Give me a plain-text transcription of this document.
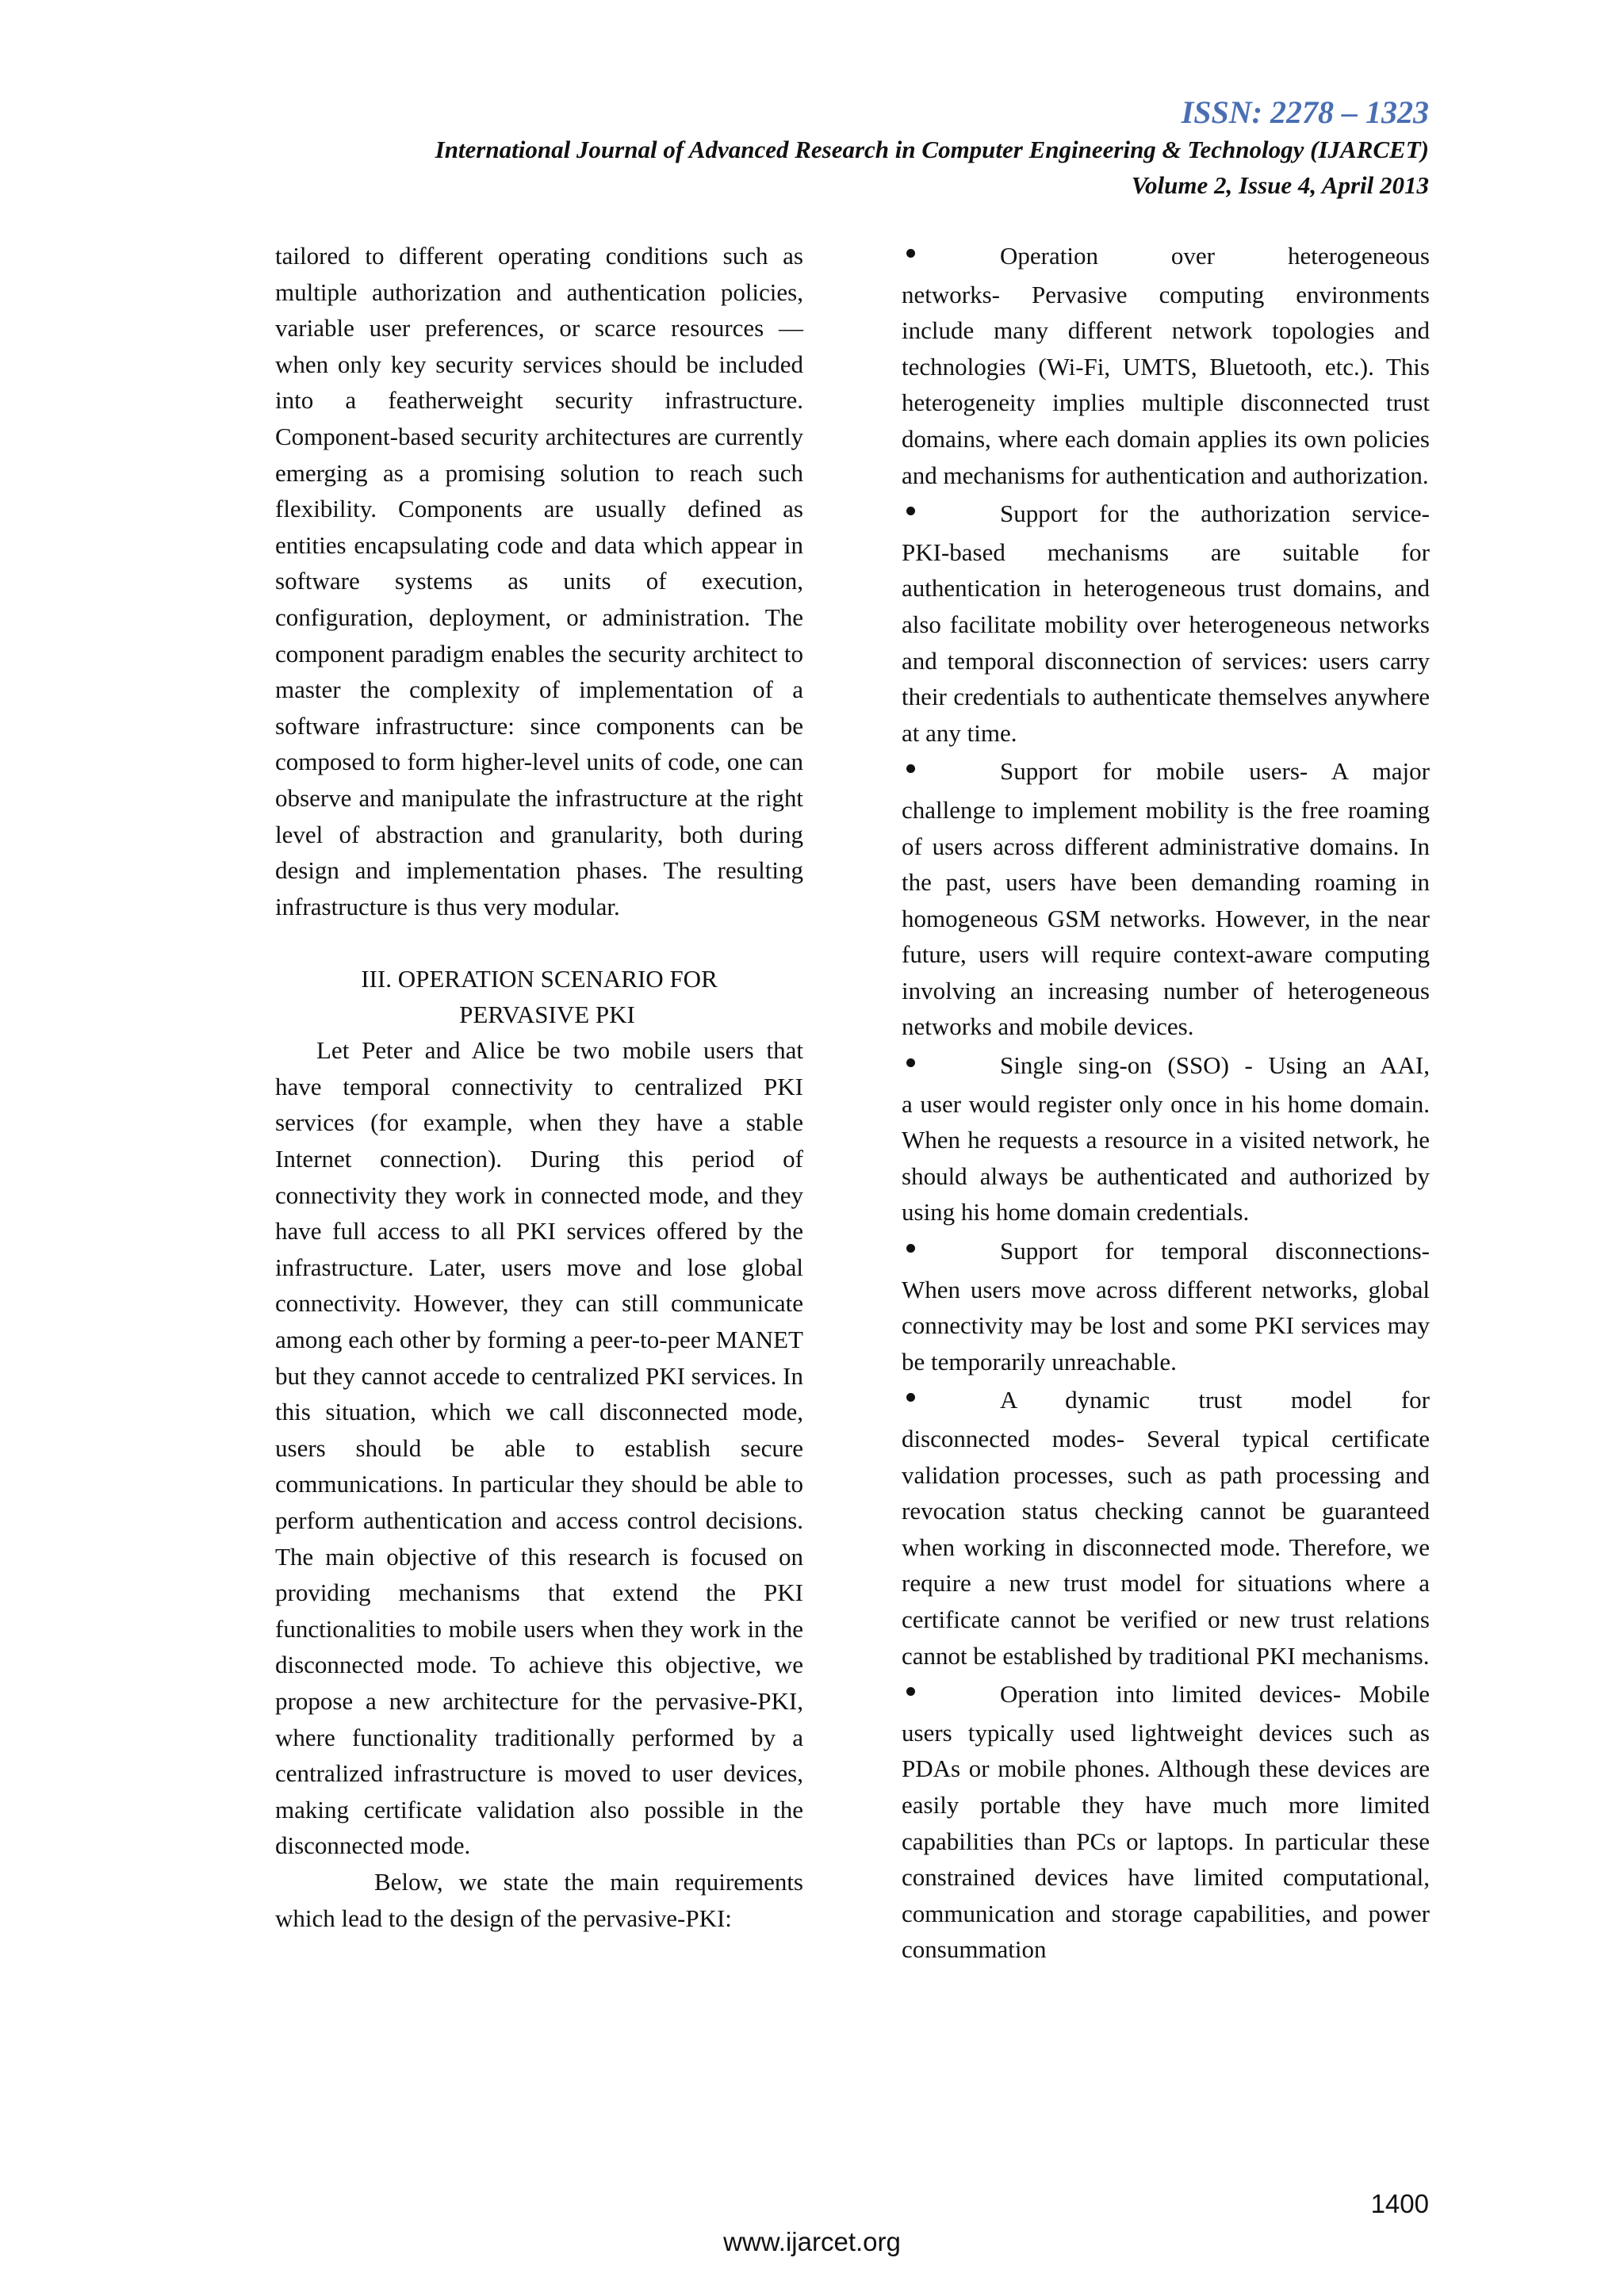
ISSN: 2278 – 1323
International Journal of Advanced Research in Computer Engineering & Technology (IJARCET)
Volume 2, Issue 4, April 2013

tailored to different operating conditions such as multiple authorization and authentication policies, variable user preferences, or scarce resources — when only key security services should be included into a featherweight security infrastructure. Component-based security architectures are currently emerging as a promising solution to reach such flexibility. Components are usually defined as entities encapsulating code and data which appear in software systems as units of execution, configuration, deployment, or administration. The component paradigm enables the security architect to master the complexity of implementation of a software infrastructure: since components can be composed to form higher-level units of code, one can observe and manipulate the infrastructure at the right level of abstraction and granularity, both during design and implementation phases. The resulting infrastructure is thus very modular.

III. OPERATION SCENARIO FOR
PERVASIVE PKI

Let Peter and Alice be two mobile users that have temporal connectivity to centralized PKI services (for example, when they have a stable Internet connection). During this period of connectivity they work in connected mode, and they have full access to all PKI services offered by the infrastructure. Later, users move and lose global connectivity. However, they can still communicate among each other by forming a peer-to-peer MANET but they cannot accede to centralized PKI services. In this situation, which we call disconnected mode, users should be able to establish secure communications. In particular they should be able to perform authentication and access control decisions. The main objective of this research is focused on providing mechanisms that extend the PKI functionalities to mobile users when they work in the disconnected mode. To achieve this objective, we propose a new architecture for the pervasive-PKI, where functionality traditionally performed by a centralized infrastructure is moved to user devices, making certificate validation also possible in the disconnected mode.

Below, we state the main requirements which lead to the design of the pervasive-PKI:

Operation over heterogeneous
networks- Pervasive computing environments include many different network topologies and technologies (Wi-Fi, UMTS, Bluetooth, etc.). This heterogeneity implies multiple disconnected trust domains, where each domain applies its own policies and mechanisms for authentication and authorization.
Support for the authorization service-
PKI-based mechanisms are suitable for authentication in heterogeneous trust domains, and also facilitate mobility over heterogeneous networks and temporal disconnection of services: users carry their credentials to authenticate themselves anywhere at any time.
Support for mobile users- A major
challenge to implement mobility is the free roaming of users across different administrative domains. In the past, users have been demanding roaming in homogeneous GSM networks. However, in the near future, users will require context-aware computing involving an increasing number of heterogeneous networks and mobile devices.
Single sing-on (SSO) - Using an AAI,
a user would register only once in his home domain. When he requests a resource in a visited network, he should always be authenticated and authorized by using his home domain credentials.
Support for temporal disconnections-
When users move across different networks, global connectivity may be lost and some PKI services may be temporarily unreachable.
A dynamic trust model for
disconnected modes- Several typical certificate validation processes, such as path processing and revocation status checking cannot be guaranteed when working in disconnected mode. Therefore, we require a new trust model for situations where a certificate cannot be verified or new trust relations cannot be established by traditional PKI mechanisms.
Operation into limited devices- Mobile
users typically used lightweight devices such as PDAs or mobile phones. Although these devices are easily portable they have much more limited capabilities than PCs or laptops. In particular these constrained devices have limited computational, communication and storage capabilities, and power consummation
1400
www.ijarcet.org
